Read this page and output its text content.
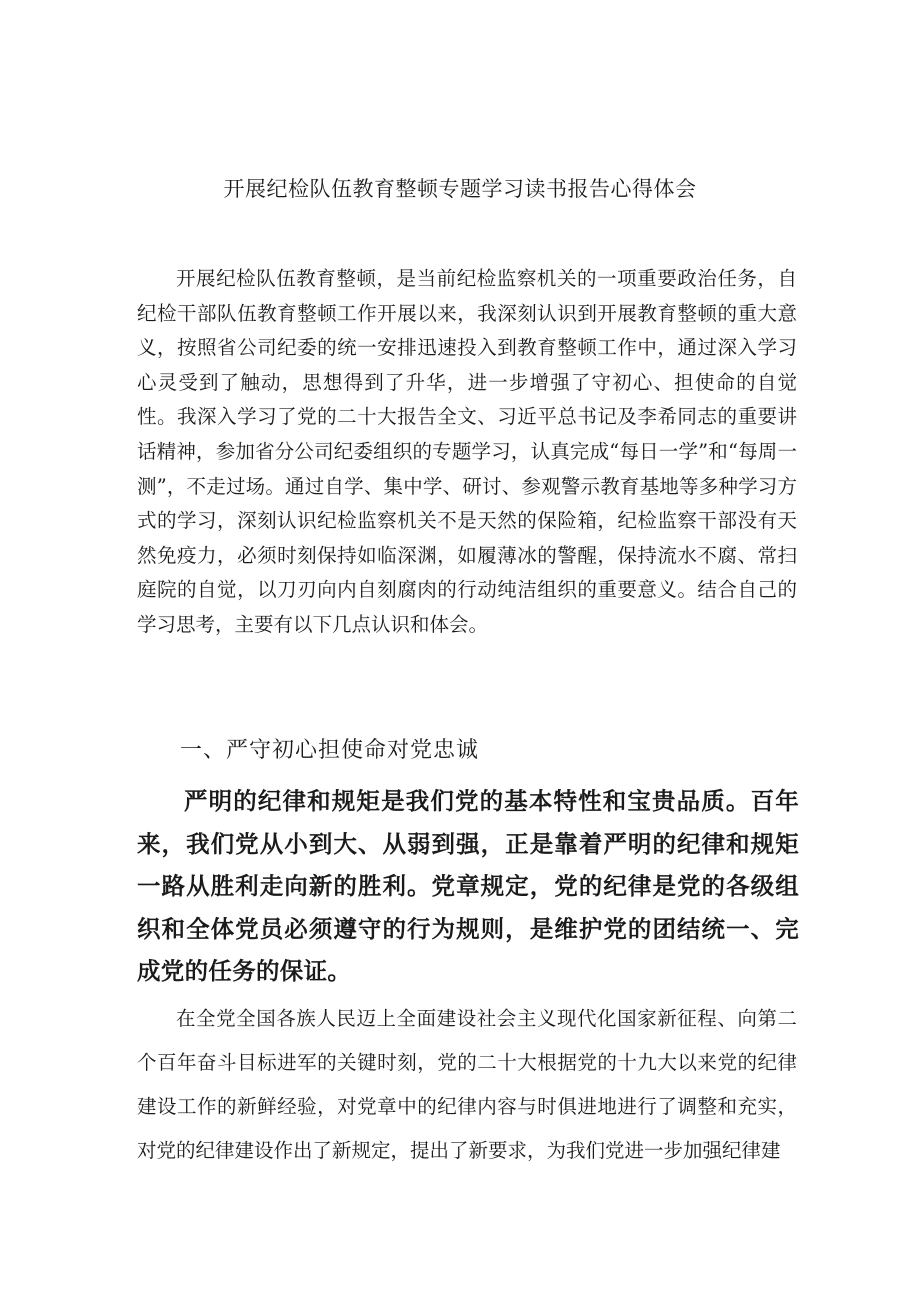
开展纪检队伍教育整顿专题学习读书报告心得体会
开展纪检队伍教育整顿，是当前纪检监察机关的一项重要政治任务，自纪检干部队伍教育整顿工作开展以来，我深刻认识到开展教育整顿的重大意义，按照省公司纪委的统一安排迅速投入到教育整顿工作中，通过深入学习心灵受到了触动，思想得到了升华，进一步增强了守初心、担使命的自觉性。我深入学习了党的二十大报告全文、习近平总书记及李希同志的重要讲话精神，参加省分公司纪委组织的专题学习，认真完成“每日一学”和“每周一测”，不走过场。通过自学、集中学、研讨、参观警示教育基地等多种学习方式的学习，深刻认识纪检监察机关不是天然的保险箱，纪检监察干部没有天然免疫力，必须时刻保持如临深渊，如履薄冰的警醒，保持流水不腐、常扫庭院的自觉，以刀刃向内自刻腐肉的行动纯洁组织的重要意义。结合自己的学习思考，主要有以下几点认识和体会。
一、严守初心担使命对党忠诚
严明的纪律和规矩是我们党的基本特性和宝贵品质。百年来，我们党从小到大、从弱到强，正是靠着严明的纪律和规矩一路从胜利走向新的胜利。党章规定，党的纪律是党的各级组织和全体党员必须遵守的行为规则，是维护党的团结统一、完成党的任务的保证。
在全党全国各族人民迈上全面建设社会主义现代化国家新征程、向第二个百年奋斗目标进军的关键时刻，党的二十大根据党的十九大以来党的纪律建设工作的新鲜经验，对党章中的纪律内容与时俱进地进行了调整和充实，对党的纪律建设作出了新规定，提出了新要求，为我们党进一步加强纪律建
